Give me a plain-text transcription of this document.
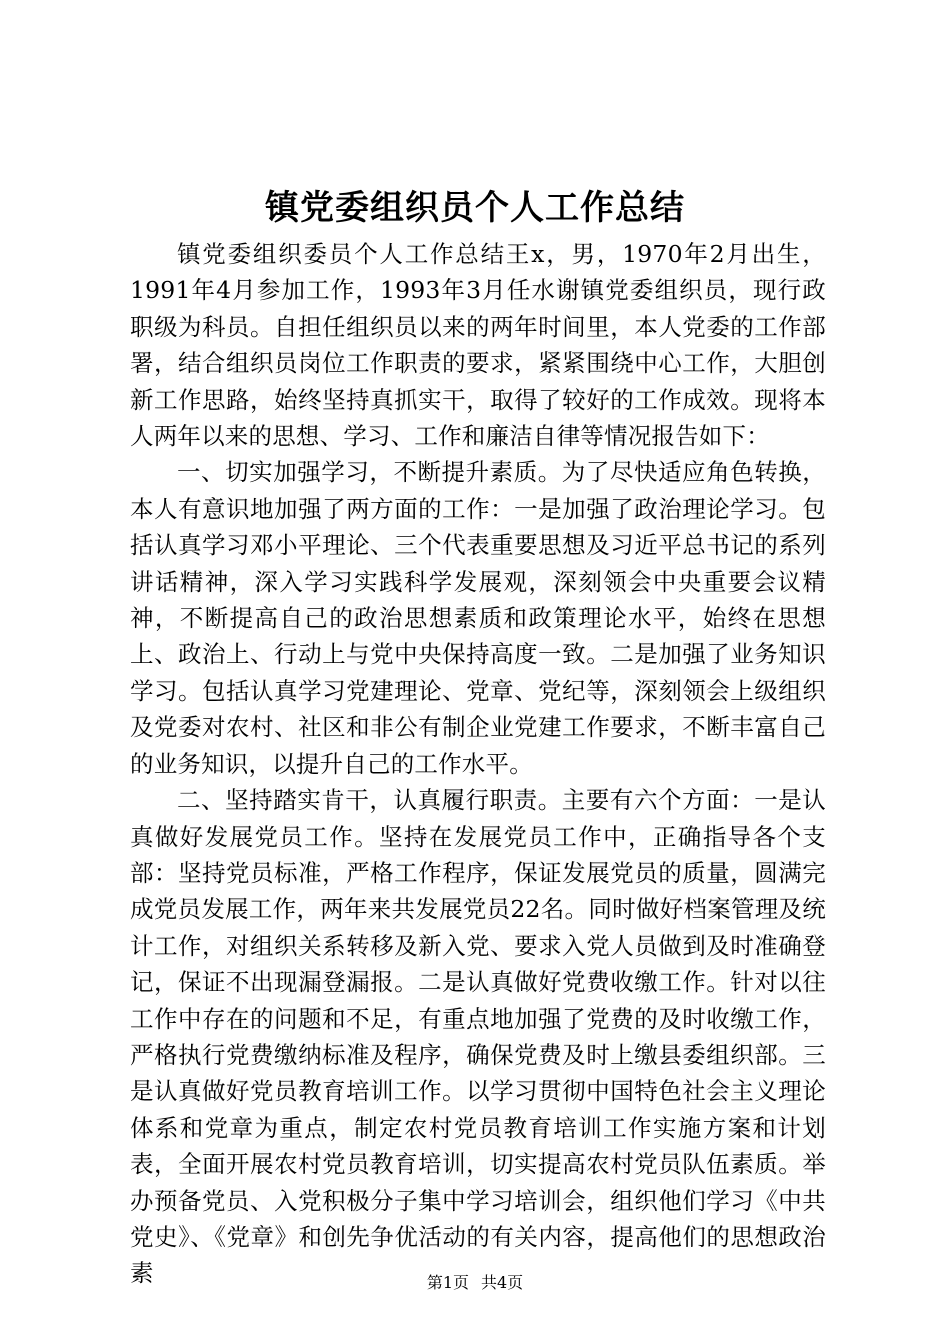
镇党委组织员个人工作总结

镇党委组织委员个人工作总结王x，男，1970年2月出生，1991年4月参加工作，1993年3月任水谢镇党委组织员，现行政职级为科员。自担任组织员以来的两年时间里，本人党委的工作部署，结合组织员岗位工作职责的要求，紧紧围绕中心工作，大胆创新工作思路，始终坚持真抓实干，取得了较好的工作成效。现将本人两年以来的思想、学习、工作和廉洁自律等情况报告如下：

一、切实加强学习，不断提升素质。为了尽快适应角色转换，本人有意识地加强了两方面的工作：一是加强了政治理论学习。包括认真学习邓小平理论、三个代表重要思想及习近平总书记的系列讲话精神，深入学习实践科学发展观，深刻领会中央重要会议精神，不断提高自己的政治思想素质和政策理论水平，始终在思想上、政治上、行动上与党中央保持高度一致。二是加强了业务知识学习。包括认真学习党建理论、党章、党纪等，深刻领会上级组织及党委对农村、社区和非公有制企业党建工作要求，不断丰富自己的业务知识，以提升自己的工作水平。

二、坚持踏实肯干，认真履行职责。主要有六个方面：一是认真做好发展党员工作。坚持在发展党员工作中，正确指导各个支部：坚持党员标准，严格工作程序，保证发展党员的质量，圆满完成党员发展工作，两年来共发展党员22名。同时做好档案管理及统计工作，对组织关系转移及新入党、要求入党人员做到及时准确登记，保证不出现漏登漏报。二是认真做好党费收缴工作。针对以往工作中存在的问题和不足，有重点地加强了党费的及时收缴工作，严格执行党费缴纳标准及程序，确保党费及时上缴县委组织部。三是认真做好党员教育培训工作。以学习贯彻中国特色社会主义理论体系和党章为重点，制定农村党员教育培训工作实施方案和计划表，全面开展农村党员教育培训，切实提高农村党员队伍素质。举办预备党员、入党积极分子集中学习培训会，组织他们学习《中共党史》、《党章》和创先争优活动的有关内容，提高他们的思想政治素	第1页 共4页
